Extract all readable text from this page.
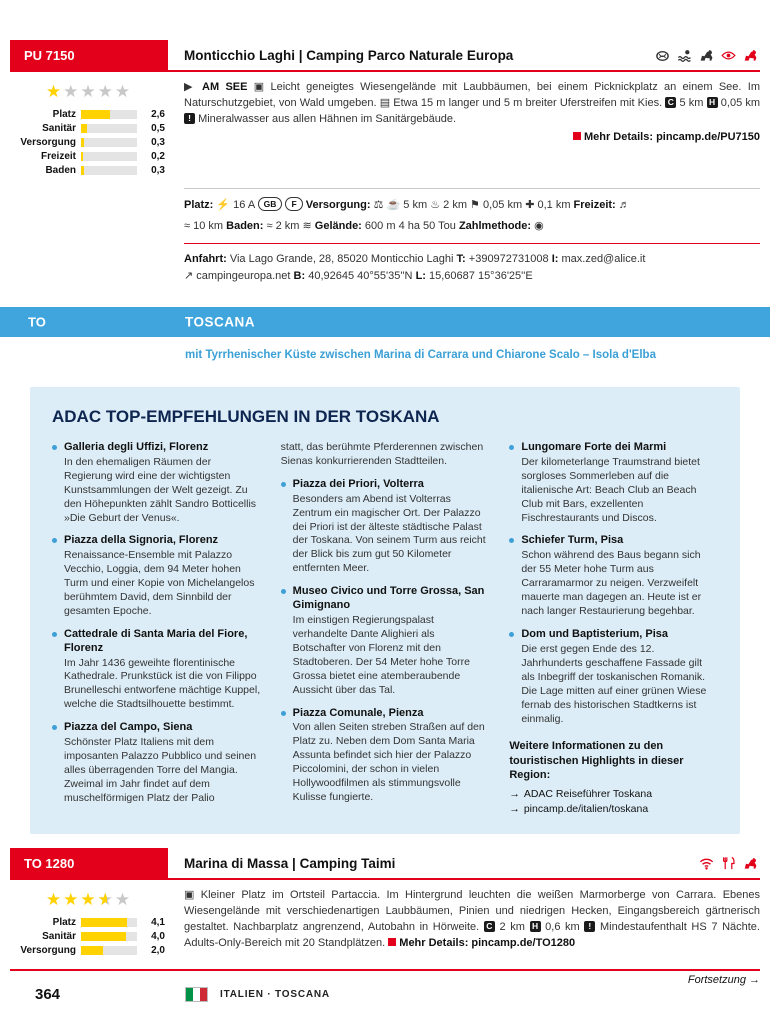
PU 7150	Monticchio Laghi | Camping Parco Naturale Europa
★★★★★
Platz	2,6
Sanitär	0,5
Versorgung	0,3
Freizeit	0,2
Baden	0,3
▶ AM SEE ▣ Leicht geneigtes Wiesengelände mit Laubbäumen, bei einem Picknickplatz an einem See. Im Naturschutzgebiet, von Wald umgeben. ▤ Etwa 15 m langer und 5 m breiter Uferstreifen mit Kies. C 5 km H 0,05 km ! Mineralwasser aus allen Hähnen im Sanitärgebäude.
Mehr Details: pincamp.de/PU7150
Platz: ⚡ 16 A GB F Versorgung: ⚖ ☕ 5 km ♨ 2 km ⚑ 0,05 km ✚ 0,1 km Freizeit: ♬
≈ 10 km Baden: ≈ 2 km ≋ Gelände: 600 m 4 ha 50 Tou Zahlmethode: ◉
Anfahrt: Via Lago Grande, 28, 85020 Monticchio Laghi T: +390972731008 I: max.zed@alice.it
↗ campingeuropa.net B: 40,92645 40°55'35''N L: 15,60687 15°36'25''E
TO	TOSCANA
mit Tyrrhenischer Küste zwischen Marina di Carrara und Chiarone Scalo – Isola d'Elba
ADAC TOP-EMPFEHLUNGEN IN DER TOSKANA
Galleria degli Uffizi, Florenz
In den ehemaligen Räumen der Regierung wird eine der wichtigsten Kunstsammlungen der Welt gezeigt. Zu den Höhepunkten zählt Sandro Botticellis »Die Geburt der Venus«.
Piazza della Signoria, Florenz
Renaissance-Ensemble mit Palazzo Vecchio, Loggia, dem 94 Meter hohen Turm und einer Kopie von Michelangelos berühmtem David, dem Sinnbild der gesamten Epoche.
Cattedrale di Santa Maria del Fiore, Florenz
Im Jahr 1436 geweihte florentinische Kathedrale. Prunkstück ist die von Filippo Brunelleschi entworfene mächtige Kuppel, welche die Stadtsilhouette bestimmt.
Piazza del Campo, Siena
Schönster Platz Italiens mit dem imposanten Palazzo Pubblico und seinen alles überragenden Torre del Mangia. Zweimal im Jahr findet auf dem muschelförmigen Platz der Palio
statt, das berühmte Pferderennen zwischen Sienas konkurrierenden Stadtteilen.
Piazza dei Priori, Volterra
Besonders am Abend ist Volterras Zentrum ein magischer Ort. Der Palazzo dei Priori ist der älteste städtische Palast der Toskana. Von seinem Turm aus reicht der Blick bis zum gut 50 Kilometer entfernten Meer.
Museo Civico und Torre Grossa, San Gimignano
Im einstigen Regierungspalast verhandelte Dante Alighieri als Botschafter von Florenz mit den Stadtoberen. Der 54 Meter hohe Torre Grossa bietet eine atemberaubende Aussicht über das Tal.
Piazza Comunale, Pienza
Von allen Seiten streben Straßen auf den Platz zu. Neben dem Dom Santa Maria Assunta befindet sich hier der Palazzo Piccolomini, der schon in vielen Hollywoodfilmen als stimmungsvolle Kulisse fungierte.
Lungomare Forte dei Marmi
Der kilometerlange Traumstrand bietet sorgloses Sommerleben auf die italienische Art: Beach Club an Beach Club mit Bars, exzellenten Fischrestaurants und Discos.
Schiefer Turm, Pisa
Schon während des Baus begann sich der 55 Meter hohe Turm aus Carraramarmor zu neigen. Verzweifelt mauerte man dagegen an. Heute ist er nach langer Restaurierung begehbar.
Dom und Baptisterium, Pisa
Die erst gegen Ende des 12. Jahrhunderts geschaffene Fassade gilt als Inbegriff der toskanischen Romanik. Die Lage mitten auf einer grünen Wiese fernab des historischen Stadtkerns ist einmalig.
Weitere Informationen zu den touristischen Highlights in dieser Region:
→ ADAC Reiseführer Toskana
→ pincamp.de/italien/toskana
TO 1280	Marina di Massa | Camping Taimi
★★★★ ★★
Platz	4,1
Sanitär	4,0
Versorgung	2,0
▣ Kleiner Platz im Ortsteil Partaccia. Im Hintergrund leuchten die weißen Marmorberge von Carrara. Ebenes Wiesengelände mit verschiedenartigen Laubbäumen, Pinien und niedrigen Hecken, Eingangsbereich gärtnerisch gestaltet. Nachbarplatz angrenzend, Autobahn in Hörweite. C 2 km H 0,6 km ! Mindestaufenthalt HS 7 Nächte. Adults-Only-Bereich mit 20 Standplätzen. Mehr Details: pincamp.de/TO1280
Fortsetzung →
364	ITALIEN · TOSCANA
